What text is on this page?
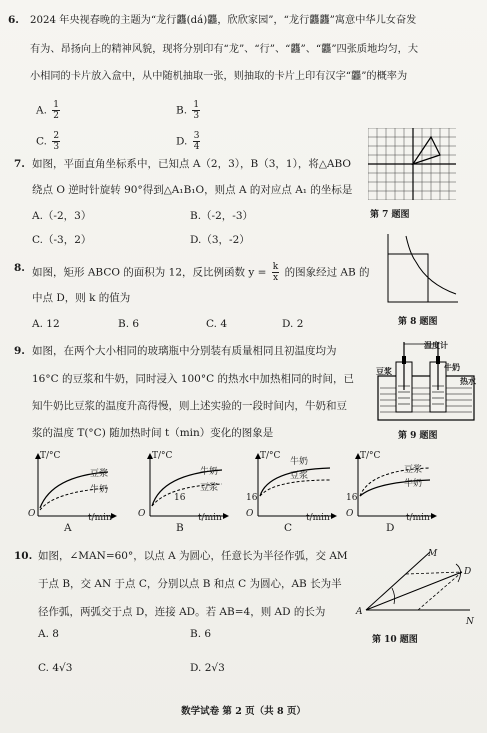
6. 2024 年央视春晚的主题为“龙行龘(dá)龘，欣欣家园”，“龙行龘龘”寓意中华儿女奋发
有为、昂扬向上的精神风貌，现将分别印有“龙”、“行”、“龘”、“龘”四张质地均匀，大
小相同的卡片放入盒中，从中随机抽取一张，则抽取的卡片上印有汉字“龘”的概率为
A. $\frac{1}{2}$	B. $\frac{1}{3}$
C. $\frac{2}{3}$	D. $\frac{3}{4}$
7. 如图，平面直角坐标系中，已知点 A（2，3），B（3，1），将△ABO
绕点 O 逆时针旋转 90°得到△A₁B₁O，则点 A 的对应点 A₁ 的坐标是
A.（-2，3）	B.（-2，-3）
C.（-3，2）	D.（3，-2）
第 7 题图
8. 如图，矩形 ABCO 的面积为 12，反比例函数 $y = \frac{k}{x}$ 的图象经过 AB 的
中点 D，则 k 的值为
A. 12	B. 6	C. 4	D. 2	第 8 题图
9. 如图，在两个大小相同的玻璃瓶中分别装有质量相同且初温度均为
16°C 的豆浆和牛奶，同时浸入 100°C 的热水中加热相同的时间，已
知牛奶比豆浆的温度升高得慢，则上述实验的一段时间内，牛奶和豆
浆的温度 T(°C) 随加热时间 t（min）变化的图象是
温度计
豆浆	牛奶
热水
第 9 题图
T/°C	T/°C	T/°C	T/°C
豆浆
牛奶
牛奶
豆浆
牛奶
豆浆
豆浆
牛奶
16	16	16
O	O	O	O
t/min	t/min	t/min	t/min
A	B	C	D
10. 如图，∠MAN=60°，以点 A 为圆心，任意长为半径作弧，交 AM
于点 B，交 AN 于点 C，分别以点 B 和点 C 为圆心，AB 长为半
径作弧，两弧交于点 D，连接 AD。若 AB=4，则 AD 的长为
A. 8	B. 6
C. 4√3	D. 2√3
M
N
D
A
第 10 题图
数学试卷 第 2 页（共 8 页）
